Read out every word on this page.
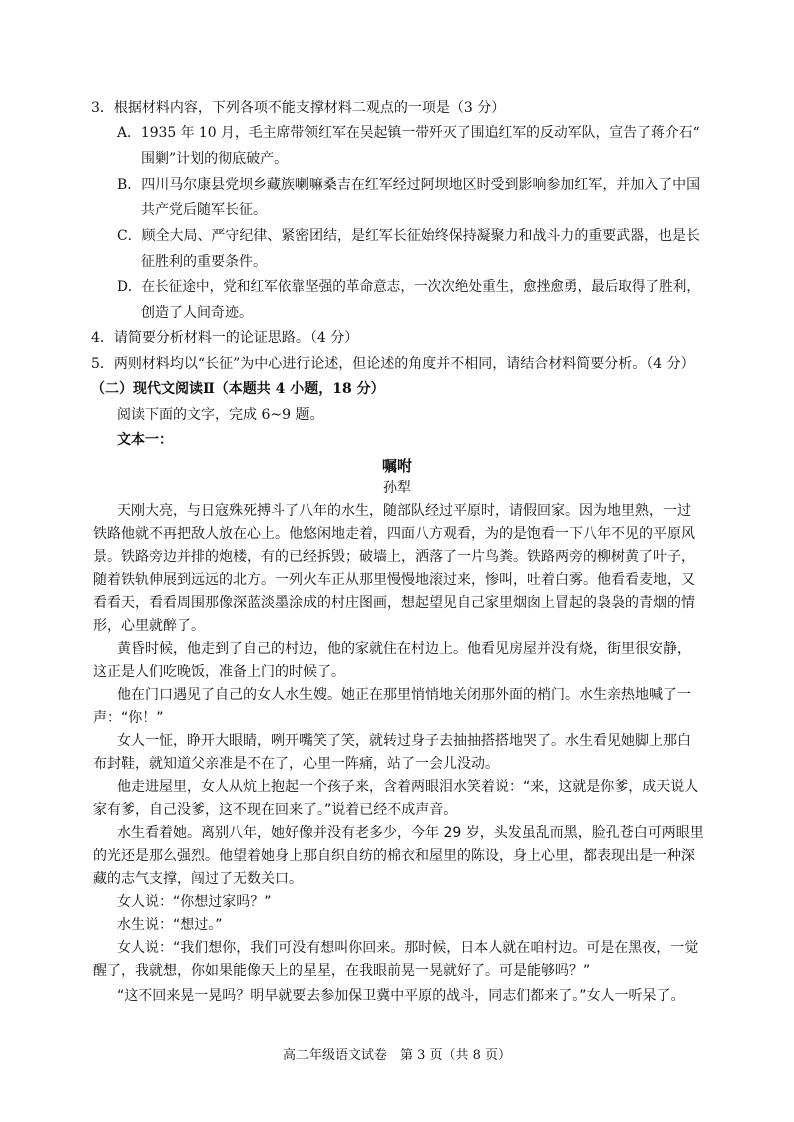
3．根据材料内容，下列各项不能支撑材料二观点的一项是（3 分）
A．1935 年 10 月，毛主席带领红军在吴起镇一带歼灭了围追红军的反动军队，宣告了蒋介石“
围剿”计划的彻底破产。
B．四川马尔康县党坝乡藏族喇嘛桑吉在红军经过阿坝地区时受到影响参加红军，并加入了中国
共产党后随军长征。
C．顾全大局、严守纪律、紧密团结，是红军长征始终保持凝聚力和战斗力的重要武器，也是长
征胜利的重要条件。
D．在长征途中，党和红军依靠坚强的革命意志，一次次绝处重生，愈挫愈勇，最后取得了胜利，
创造了人间奇迹。
4．请简要分析材料一的论证思路。（4 分）
5．两则材料均以“长征”为中心进行论述，但论述的角度并不相同，请结合材料简要分析。（4 分）
（二）现代文阅读Ⅱ（本题共 4 小题，18 分）
阅读下面的文字，完成 6~9 题。
文本一：
嘱咐
孙犁
天刚大亮，与日寇殊死搏斗了八年的水生，随部队经过平原时，请假回家。因为地里熟，一过
铁路他就不再把敌人放在心上。他悠闲地走着，四面八方观看，为的是饱看一下八年不见的平原风
景。铁路旁边并排的炮楼，有的已经拆毁；破墙上，洒落了一片鸟粪。铁路两旁的柳树黄了叶子，
随着铁轨伸展到远远的北方。一列火车正从那里慢慢地滚过来，惨叫，吐着白雾。他看看麦地，又
看看天，看看周围那像深蓝淡墨涂成的村庄图画，想起望见自己家里烟囱上冒起的袅袅的青烟的情
形，心里就醉了。
黄昏时候，他走到了自己的村边，他的家就住在村边上。他看见房屋并没有烧，街里很安静，
这正是人们吃晚饭，准备上门的时候了。
他在门口遇见了自己的女人水生嫂。她正在那里悄悄地关闭那外面的梢门。水生亲热地喊了一
声：“你！”
女人一怔，睁开大眼睛，咧开嘴笑了笑，就转过身子去抽抽搭搭地哭了。水生看见她脚上那白
布封鞋，就知道父亲准是不在了，心里一阵痛，站了一会儿没动。
他走进屋里，女人从炕上抱起一个孩子来，含着两眼泪水笑着说：“来，这就是你爹，成天说人
家有爹，自己没爹，这不现在回来了。”说着已经不成声音。
水生看着她。离别八年，她好像并没有老多少，今年 29 岁，头发虽乱而黑，脸孔苍白可两眼里
的光还是那么强烈。他望着她身上那自织自纺的棉衣和屋里的陈设，身上心里，都表现出是一种深
藏的志气支撑，闯过了无数关口。
女人说：“你想过家吗？”
水生说：“想过。”
女人说：“我们想你，我们可没有想叫你回来。那时候，日本人就在咱村边。可是在黑夜，一觉
醒了，我就想，你如果能像天上的星星，在我眼前晃一晃就好了。可是能够吗？”
“这不回来晃一晃吗？明早就要去参加保卫冀中平原的战斗，同志们都来了。”女人一听呆了。
高二年级语文试卷　第 3 页（共 8 页）
